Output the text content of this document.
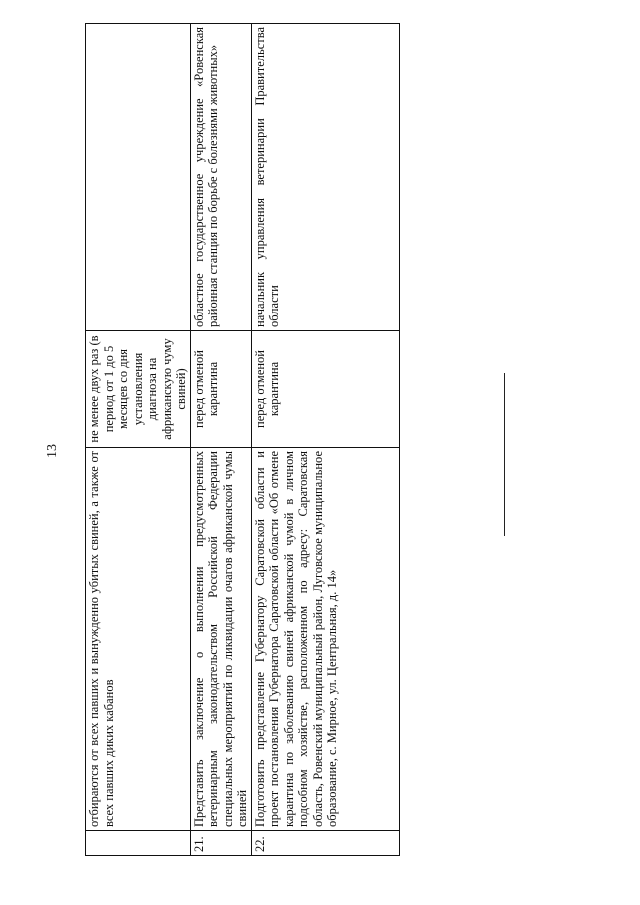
13
		отбираются от всех павших и вынужденно убитых свиней, а также от всех павших диких кабанов	не менее двух раз (в период от 1 до 5 месяцев со дня установления диагноза на африканскую чуму свиней)	
21.	Представить заключение о выполнении предусмотренных ветеринарным законодательством Российской Федерации специальных мероприятий по ликвидации очагов африканской чумы свиней	перед отменой карантина	областное государственное учреждение «Ровенская районная станция по борьбе с болезнями животных»
22.	Подготовить представление Губернатору Саратовской области и проект постановления Губернатора Саратовской области «Об отмене карантина по заболеванию свиней африканской чумой в личном подсобном хозяйстве, расположенном по адресу: Саратовская область, Ровенский муниципальный район, Луговское муниципальное образование, с. Мирное, ул. Центральная, д. 14»	перед отменой карантина	начальник управления ветеринарии Правительства области
